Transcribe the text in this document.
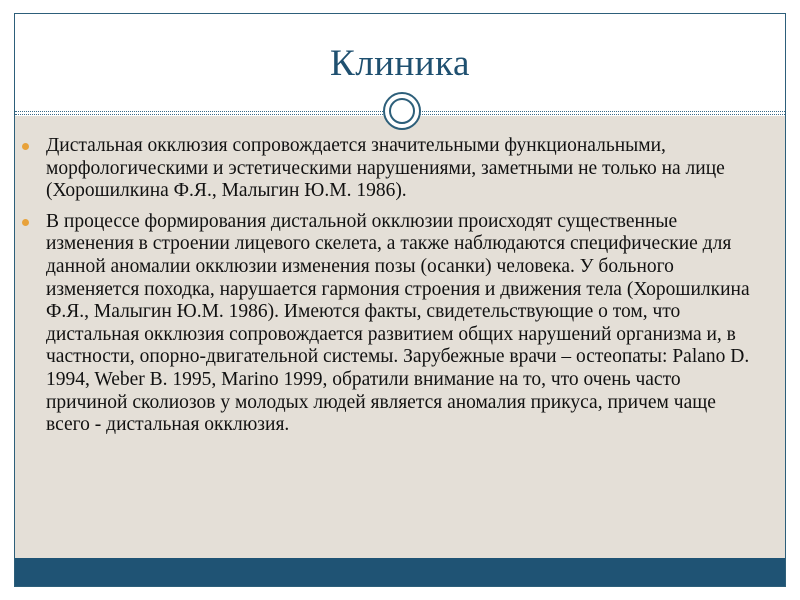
Клиника
Дистальная окклюзия сопровождается значительными функциональными, морфологическими и эстетическими нарушениями, заметными не только на лице (Хорошилкина Ф.Я., Малыгин Ю.М. 1986).
В процессе формирования дистальной окклюзии происходят существенные изменения в строении лицевого скелета, а также наблюдаются специфические для данной аномалии окклюзии изменения позы (осанки) человека. У больного изменяется походка, нарушается гармония строения и движения тела (Хорошилкина Ф.Я., Малыгин Ю.М. 1986). Имеются факты, свидетельствующие о том, что дистальная окклюзия сопровождается развитием общих нарушений организма и, в частности, опорно-двигательной системы. Зарубежные врачи – остеопаты: Palano D. 1994, Weber B. 1995, Marino 1999, обратили внимание на то, что очень часто причиной сколиозов у молодых людей является аномалия прикуса, причем чаще всего - дистальная окклюзия.
